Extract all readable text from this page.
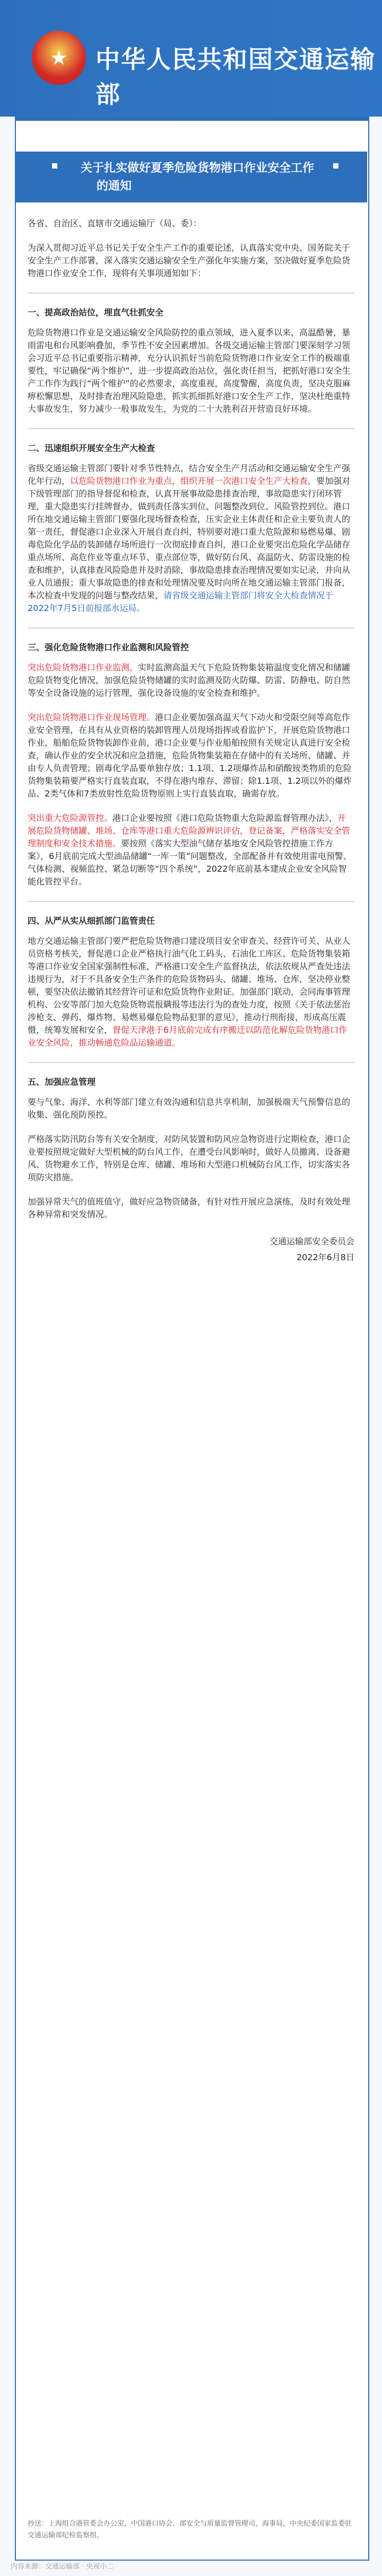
★	中华人民共和国交通运输部
关于扎实做好夏季危险货物港口作业安全工作
的通知

各省、自治区、直辖市交通运输厅（局、委）：

为深入贯彻习近平总书记关于安全生产工作的重要论述，认真落实党中央、国务院关于安全生产工作部署，深入落实交通运输安全生产强化年实施方案，坚决做好夏季危险货物港口作业安全工作，现将有关事项通知如下：

一、提高政治站位，埋直气壮抓安全

危险货物港口作业是交通运输安全风险防控的重点领域，进入夏季以来，高温酷暑，暴雨雷电和台风影响叠加，季节性不安全因素增加。各级交通运输主管部门要深刻学习领会习近平总书记重要指示精神，充分认识抓好当前危险货物港口作业安全工作的极端重要性，牢记确保“两个维护”，进一步提高政治站位，强化责任担当，把抓好港口安全生产工作作为践行“两个维护”的必然要求，高度重视，高度警醒，高度负责，坚决克服麻痹松懈思想，及时排查治理风险隐患，抓实抓细抓好港口安全生产工作，坚决杜绝重特大事故发生，努力减少一般事故发生，为党的二十大胜利召开营造良好环境。

二、迅速组织开展安全生产大检查

省级交通运输主管部门要针对季节性特点，结合安全生产月活动和交通运输安全生产强化年行动，以危险货物港口作业为重点，组织开展一次港口安全生产大检查，要加强对下级管理部门的指导督促和检查，认真开展事故隐患排查治理，事故隐患实行闭环管理，重大隐患实行挂牌督办，做到责任落实到位、问题整改到位、风险管控到位。港口所在地交通运输主管部门要强化现场督查检查，压实企业主体责任和企业主要负责人的第一责任，督促港口企业深入开展自查自纠，特别要对港口重大危险源和易燃易爆、剧毒危险化学品的装卸储存场所进行一次彻底排查自纠，港口企业要突出危险化学品储存重点场所、高危作业等重点环节、重点部位等，做好防台风、高温防火、防雷设施的检查和维护，认真排查风险隐患并及时消除，事故隐患排查治理情况要如实记录，并向从业人员通报；重大事故隐患的排查和处理情况要及时向所在地交通运输主管部门报备，本次检查中发现的问题与整改结果，请省级交通运输主管部门将安全大检查情况于2022年7月5日前报部水运局。

三、强化危险货物港口作业监测和风险管控

突出危险货物港口作业监测。实时监测高温天气下危险货物集装箱温度变化情况和储罐危险货物变化情况，加强危险货物储罐的实时监测及防火防爆、防雷、防静电、防自然等安全设备设施的运行管理，强化设备设施的安全检查和维护。

突出危险货物港口作业现场管理。港口企业要加强高温天气下动火和受限空间等高危作业安全管理，在具有从业资格的装卸管理人员现场指挥或看监护下，开展危险货物港口作业，船舶危险货物装卸作业前，港口企业要与作业船舶按照有关规定认真进行安全检查，确认作业的安全状况和应急措施，危险货物集装箱在存储中的有关场所、储罐、并由专人负责管理；剧毒化学品要单独存放；1.1项、1.2项爆炸品和硝酸铵类物质的危险货物集装箱要严格实行直装直取，不得在港内堆存、滞留；除1.1项、1.2项以外的爆炸品、2类气体和7类放射性危险货物原则上实行直装直取，确需存放。

突出重大危险源管控。港口企业要按照《港口危险货物重大危险源监督管理办法》，开展危险货物储罐、堆场、仓库等港口重大危险源辨识评估，登记备案，严格落实安全管理制度和安全技术措施。要按照《落实大型油气储存基地安全风险管控措施工作方案》，6月底前完成大型油品储罐“一库一策”问题整改，全部配备并有效使用雷电预警、气体检测、视频监控、紧急切断等“四个系统”，2022年底前基本建成企业安全风险智能化管控平台。

四、从严从实从细抓部门监管责任

地方交通运输主管部门要严把危险货物港口建设项目安全审查关、经营许可关、从业人员资格考核关，督促港口企业严格执行油气化工码头、石油化工库区、危险货物集装箱等港口作业安全国家强制性标准，严格港口安全生产监督执法，依法依规从严查处违法违规行为，对于不具备安全生产条件的危险货物码头、储罐、堆场、仓库，坚决停业整顿，要坚决依法撤销其经营许可证和危险货物作业附证。加强部门联动，会同海事管理机构、公安等部门加大危险货物谎报瞒报等违法行为的查处力度，按照《关于依法惩治涉枪支、弹药、爆炸物、易燃易爆危险物品犯罪的意见》，推动行刑衔接，形成高压震慑，统筹发展和安全，督促天津港于6月底前完成有序搬迁以防范化解危险货物港口作业安全风险，推动畅通危险品运输通道。

五、加强应急管理

要与气象、海洋、水利等部门建立有效沟通和信息共享机制，加强极端天气预警信息的收集、强化预防预控。

严格落实防汛防台等有关安全制度，对防风装置和防风应急物资进行定期检查，港口企业要按照规定做好大型机械的防台风工作，在遭受台风影响时，做好人员撤离、设备避风、货物避水工作，特别是仓库、储罐、堆场和大型港口机械防台风工作，切实落实各项防灾措施。

加强异常天气的值班值守，做好应急物资储备，有针对性开展应急演练，及时有效处理各种异常和突发情况。

交通运输部安全委员会
2022年6月8日
抄送：上海组合港管委会办公室，中国港口协会，部安全与质量监督管理司，海事局，中央纪委国家监委驻交通运输部纪检监察组。
内容来源：交通运输部 · 央视小二
